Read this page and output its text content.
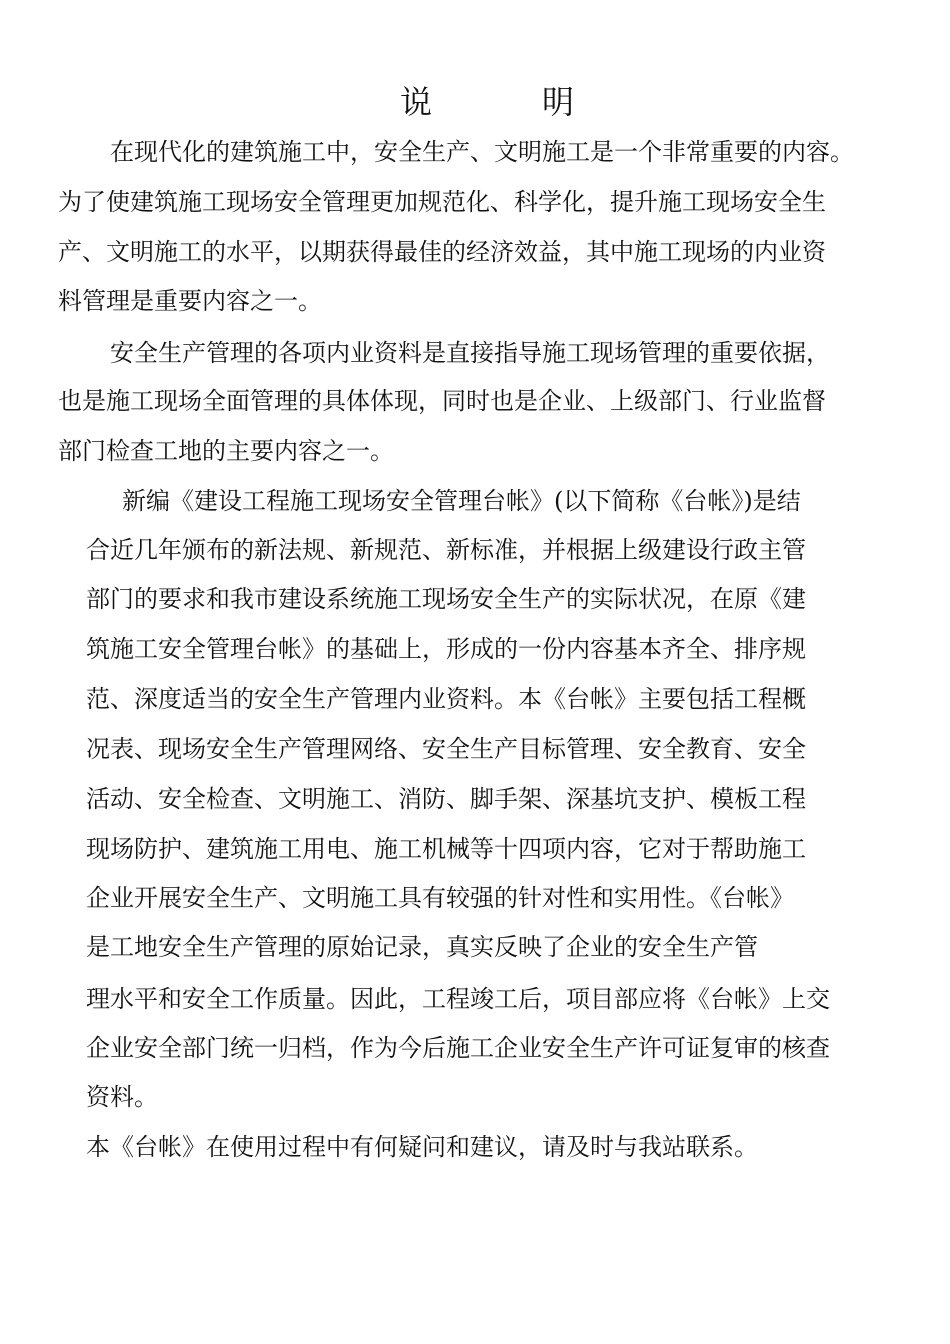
说明
在现代化的建筑施工中，安全生产、文明施工是一个非常重要的内容。
为了使建筑施工现场安全管理更加规范化、科学化，提升施工现场安全生
产、文明施工的水平，以期获得最佳的经济效益，其中施工现场的内业资
料管理是重要内容之一。
安全生产管理的各项内业资料是直接指导施工现场管理的重要依据，
也是施工现场全面管理的具体体现，同时也是企业、上级部门、行业监督
部门检查工地的主要内容之一。
新编《建设工程施工现场安全管理台帐》(以下简称《台帐》)是结
合近几年颁布的新法规、新规范、新标准，并根据上级建设行政主管
部门的要求和我市建设系统施工现场安全生产的实际状况，在原《建
筑施工安全管理台帐》的基础上，形成的一份内容基本齐全、排序规
范、深度适当的安全生产管理内业资料。本《台帐》主要包括工程概
况表、现场安全生产管理网络、安全生产目标管理、安全教育、安全
活动、安全检查、文明施工、消防、脚手架、深基坑支护、模板工程
现场防护、建筑施工用电、施工机械等十四项内容，它对于帮助施工
企业开展安全生产、文明施工具有较强的针对性和实用性。《台帐》
是工地安全生产管理的原始记录，真实反映了企业的安全生产管
理水平和安全工作质量。因此，工程竣工后，项目部应将《台帐》上交
企业安全部门统一归档，作为今后施工企业安全生产许可证复审的核查
资料。
本《台帐》在使用过程中有何疑问和建议，请及时与我站联系。
